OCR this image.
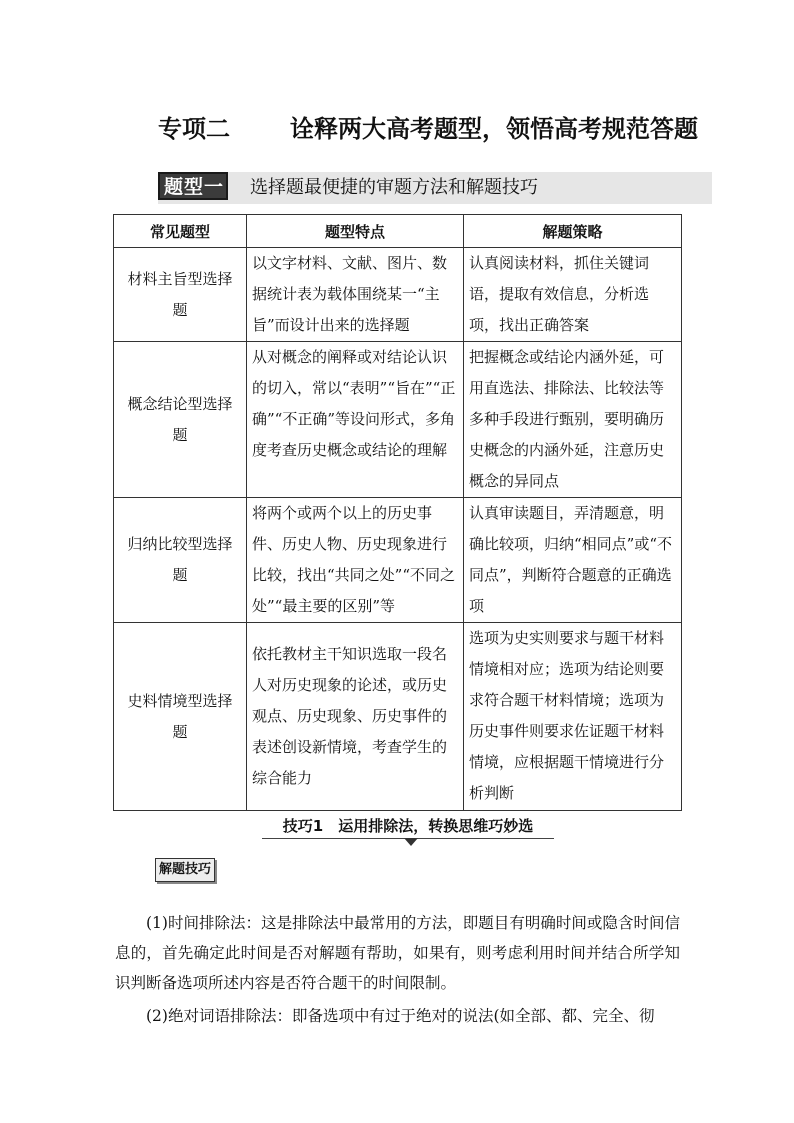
专项二	诠释两大高考题型，领悟高考规范答题
题型一 选择题最便捷的审题方法和解题技巧
常见题型	题型特点	解题策略
材料主旨型选择题	以文字材料、文献、图片、数据统计表为载体围绕某一“主旨”而设计出来的选择题	认真阅读材料，抓住关键词语，提取有效信息，分析选项，找出正确答案
概念结论型选择题	从对概念的阐释或对结论认识的切入，常以“表明”“旨在”“正确”“不正确”等设问形式，多角度考查历史概念或结论的理解	把握概念或结论内涵外延，可用直选法、排除法、比较法等多种手段进行甄别，要明确历史概念的内涵外延，注意历史概念的异同点
归纳比较型选择题	将两个或两个以上的历史事件、历史人物、历史现象进行比较，找出“共同之处”“不同之处”“最主要的区别”等	认真审读题目，弄清题意，明确比较项，归纳“相同点”或“不同点”，判断符合题意的正确选项
史料情境型选择题	依托教材主干知识选取一段名人对历史现象的论述，或历史观点、历史现象、历史事件的表述创设新情境，考查学生的综合能力	选项为史实则要求与题干材料情境相对应；选项为结论则要求符合题干材料情境；选项为历史事件则要求佐证题干材料情境，应根据题干情境进行分析判断
技巧1　运用排除法，转换思维巧妙选
解题技巧

(1)时间排除法：这是排除法中最常用的方法，即题目有明确时间或隐含时间信息的，首先确定此时间是否对解题有帮助，如果有，则考虑利用时间并结合所学知识判断备选项所述内容是否符合题干的时间限制。

(2)绝对词语排除法：即备选项中有过于绝对的说法(如全部、都、完全、彻
